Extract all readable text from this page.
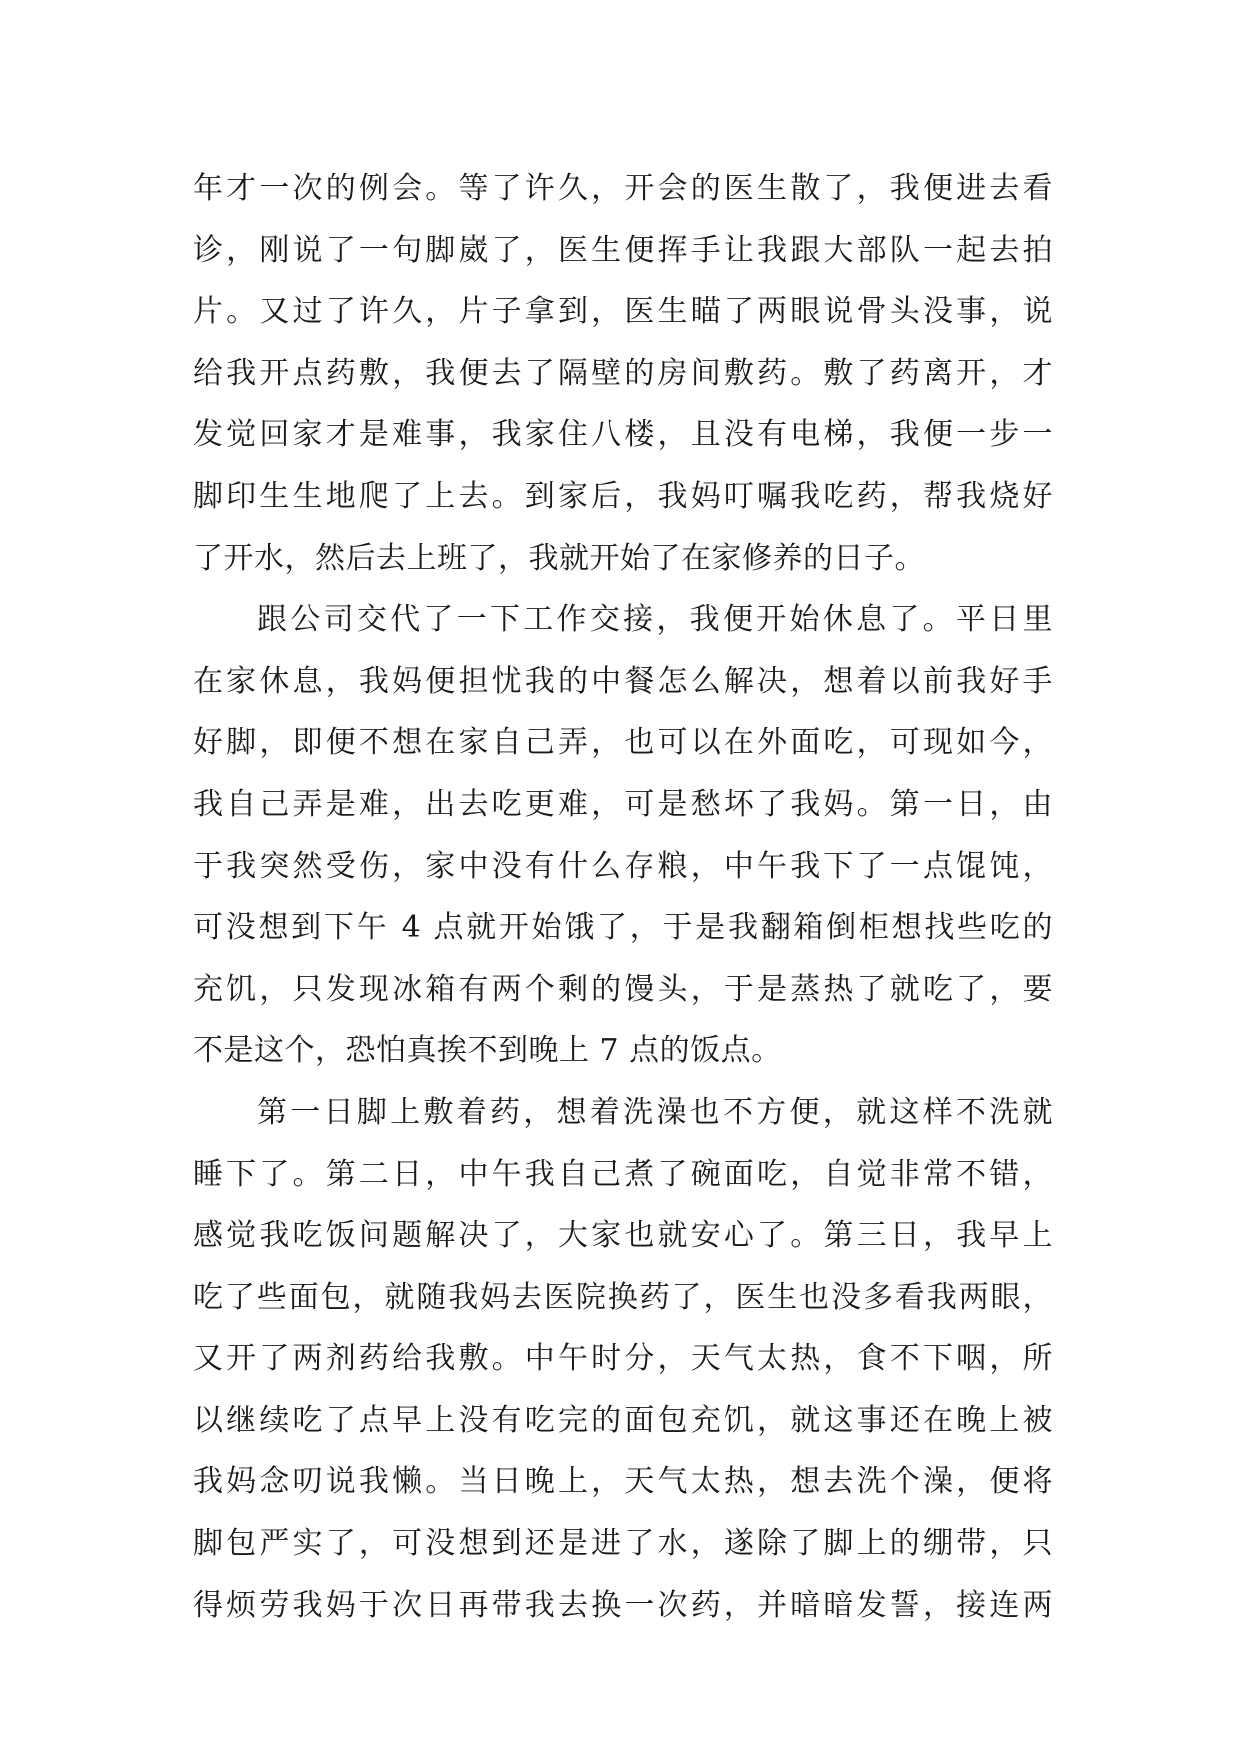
年才一次的例会。等了许久，开会的医生散了，我便进去看
诊，刚说了一句脚崴了，医生便挥手让我跟大部队一起去拍
片。又过了许久，片子拿到，医生瞄了两眼说骨头没事，说
给我开点药敷，我便去了隔壁的房间敷药。敷了药离开，才
发觉回家才是难事，我家住八楼，且没有电梯，我便一步一
脚印生生地爬了上去。到家后，我妈叮嘱我吃药，帮我烧好
了开水，然后去上班了，我就开始了在家修养的日子。
跟公司交代了一下工作交接，我便开始休息了。平日里
在家休息，我妈便担忧我的中餐怎么解决，想着以前我好手
好脚，即便不想在家自己弄，也可以在外面吃，可现如今，
我自己弄是难，出去吃更难，可是愁坏了我妈。第一日，由
于我突然受伤，家中没有什么存粮，中午我下了一点馄饨，
可没想到下午 4 点就开始饿了，于是我翻箱倒柜想找些吃的
充饥，只发现冰箱有两个剩的馒头，于是蒸热了就吃了，要
不是这个，恐怕真挨不到晚上 7 点的饭点。
第一日脚上敷着药，想着洗澡也不方便，就这样不洗就
睡下了。第二日，中午我自己煮了碗面吃，自觉非常不错，
感觉我吃饭问题解决了，大家也就安心了。第三日，我早上
吃了些面包，就随我妈去医院换药了，医生也没多看我两眼，
又开了两剂药给我敷。中午时分，天气太热，食不下咽，所
以继续吃了点早上没有吃完的面包充饥，就这事还在晚上被
我妈念叨说我懒。当日晚上，天气太热，想去洗个澡，便将
脚包严实了，可没想到还是进了水，遂除了脚上的绷带，只
得烦劳我妈于次日再带我去换一次药，并暗暗发誓，接连两
